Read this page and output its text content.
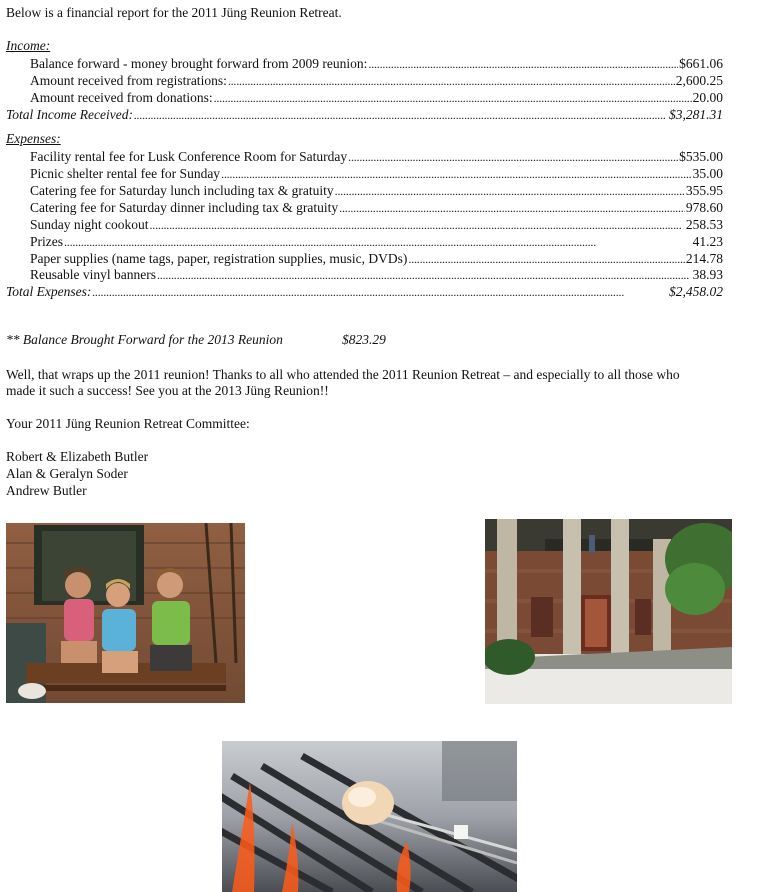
Below is a financial report for the 2011 Jüng Reunion Retreat.
Income:
Balance forward - money brought forward from 2009 reunion: . . .	$661.06
Amount received from registrations: . . .	2,600.25
Amount received from donations: . . .	20.00
Total Income Received: . . .	$3,281.31
Expenses:
Facility rental fee for Lusk Conference Room for Saturday . . .	$535.00
Picnic shelter rental fee for Sunday . . .	35.00
Catering fee for Saturday lunch including tax & gratuity . . .	355.95
Catering fee for Saturday dinner including tax & gratuity . . .	978.60
Sunday night cookout . . .	258.53
Prizes . . .	41.23
Paper supplies (name tags, paper, registration supplies, music, DVDs) . . .	214.78
Reusable vinyl banners . . .	38.93
Total Expenses: . . .	$2,458.02
** Balance Brought Forward for the 2013 Reunion	$823.29
Well, that wraps up the 2011 reunion! Thanks to all who attended the 2011 Reunion Retreat – and especially to all those who
made it such a success! See you at the 2013 Jüng Reunion!!
Your 2011 Jüng Reunion Retreat Committee:
Robert & Elizabeth Butler
Alan & Geralyn Soder
Andrew Butler
